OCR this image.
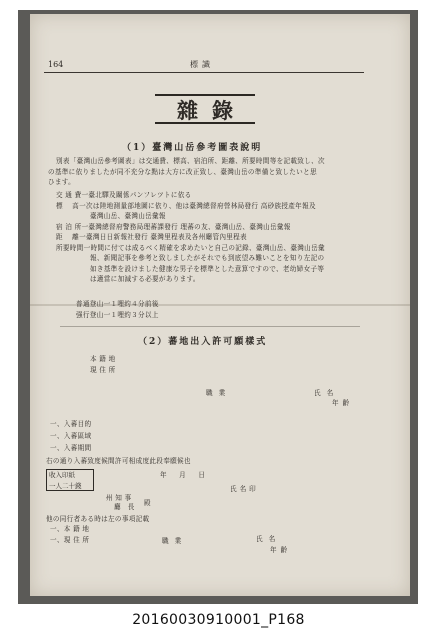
164	標識
雜錄
（1）臺灣山岳參考圖表說明
別表「臺灣山岳參考圖表」は交通費、標高、宿泊所、距離、所要時間等を記載致し、次
の基準に依りましたが同不充分な點は大方に改正致し、臺灣山岳の準備と致したいと思
ひます。
交 通 費一臺北驛及關係パンフレツトに依る
標　 高一次は陸地測量部地圖に依り、他は臺灣總督府營林局發行 高砂族授產年報及
臺灣山岳、臺灣山岳彙報
宿 泊 所一臺灣總督府警務局理蕃課發行 理蕃の友、臺灣山岳、臺灣山岳彙報
距　 離一臺灣日日新報社發行 臺灣里程表及各州廳管內里程表
所要時間一時間に付ては成るべく精確を求めたいと自己の記錄、臺灣山岳、臺灣山岳彙
報、新聞記事を參考と致しましたがそれでも到底望み難いことを知り左記の
如き基準を設けました健康な男子を標準とした意算ですので、老幼婦女子等
は適當に加減する必要があります。
普通登山一１哩約４分前後
强行登山一１哩約３分以上
（2）蕃地出入許可願樣式
本 籍 地
現 住 所
職業	氏名
年齡
一、入蕃目的
一、入蕃區域
一、入蕃期間
右の通り入蕃致度候間許可相成度此段奉願候也
收入印紙
一人二十錢
年　月　日
氏名印
州 知 事
廳　長 殿
他の同行者ある時は左の事項記載
一、本 籍 地
一、現 住 所	職業	氏名
年齡
20160030910001_P168
